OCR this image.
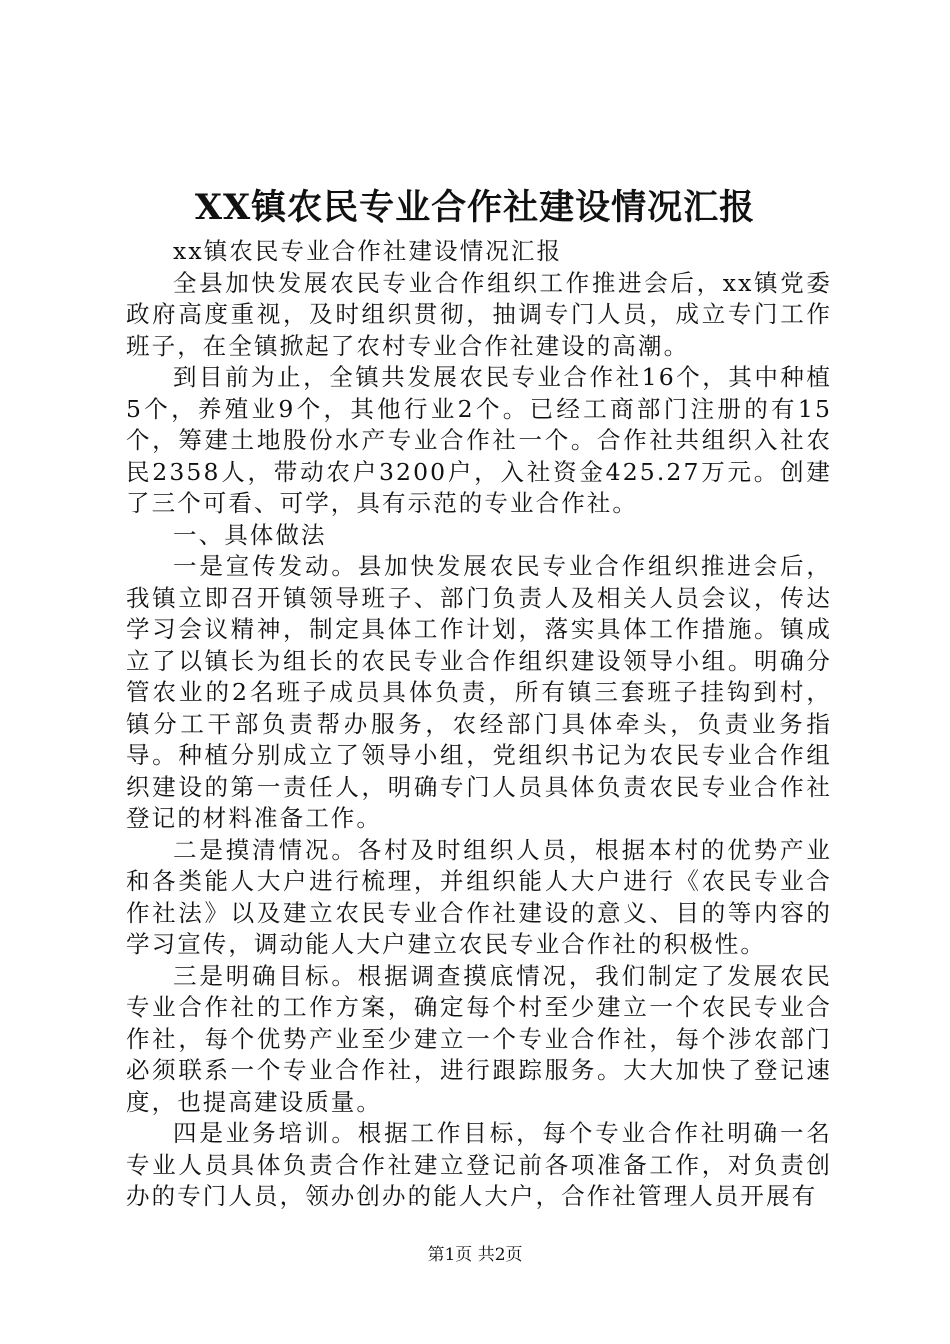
XX镇农民专业合作社建设情况汇报

xx镇农民专业合作社建设情况汇报

全县加快发展农民专业合作组织工作推进会后，xx镇党委政府高度重视，及时组织贯彻，抽调专门人员，成立专门工作班子，在全镇掀起了农村专业合作社建设的高潮。

到目前为止，全镇共发展农民专业合作社16个，其中种植5个，养殖业9个，其他行业2个。已经工商部门注册的有15个，筹建土地股份水产专业合作社一个。合作社共组织入社农民2358人，带动农户3200户，入社资金425.27万元。创建了三个可看、可学，具有示范的专业合作社。

一、具体做法

一是宣传发动。县加快发展农民专业合作组织推进会后，我镇立即召开镇领导班子、部门负责人及相关人员会议，传达学习会议精神，制定具体工作计划，落实具体工作措施。镇成立了以镇长为组长的农民专业合作组织建设领导小组。明确分管农业的2名班子成员具体负责，所有镇三套班子挂钩到村，镇分工干部负责帮办服务，农经部门具体牵头，负责业务指导。种植分别成立了领导小组，党组织书记为农民专业合作组织建设的第一责任人，明确专门人员具体负责农民专业合作社登记的材料准备工作。

二是摸清情况。各村及时组织人员，根据本村的优势产业和各类能人大户进行梳理，并组织能人大户进行《农民专业合作社法》以及建立农民专业合作社建设的意义、目的等内容的学习宣传，调动能人大户建立农民专业合作社的积极性。

三是明确目标。根据调查摸底情况，我们制定了发展农民专业合作社的工作方案，确定每个村至少建立一个农民专业合作社，每个优势产业至少建立一个专业合作社，每个涉农部门必须联系一个专业合作社，进行跟踪服务。大大加快了登记速度，也提高建设质量。

四是业务培训。根据工作目标，每个专业合作社明确一名专业人员具体负责合作社建立登记前各项准备工作，对负责创办的专门人员，领办创办的能人大户，合作社管理人员开展有

第1页 共2页
